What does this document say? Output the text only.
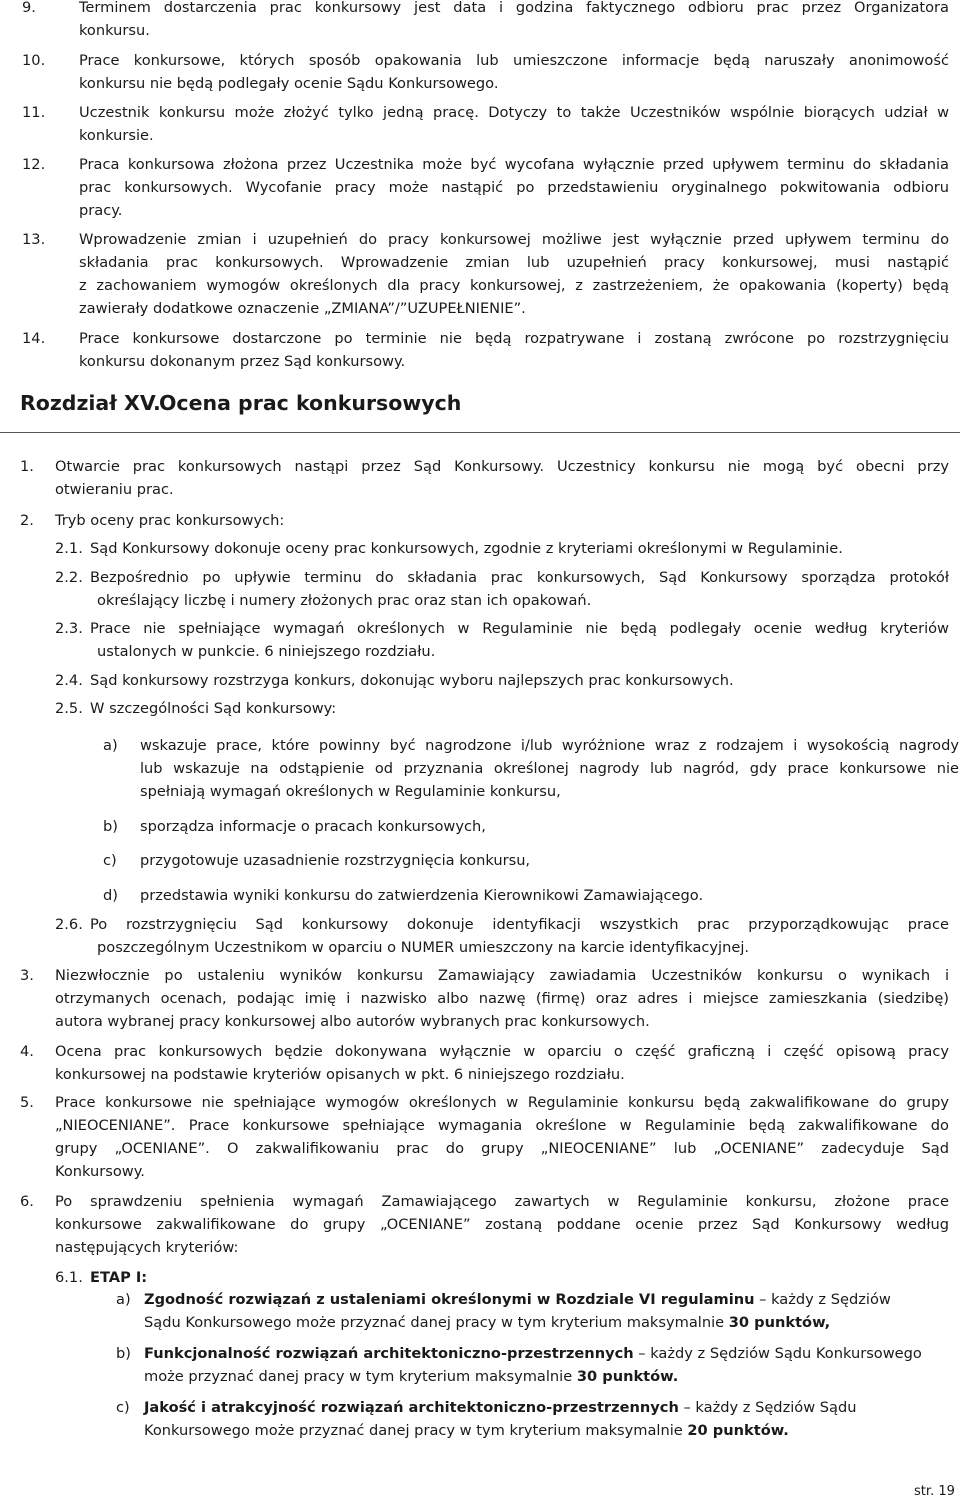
9.	Terminem dostarczenia prac konkursowy jest data i godzina faktycznego odbioru prac przez Organizatora
konkursu.
10. Prace konkursowe, których sposób opakowania lub umieszczone informacje będą naruszały anonimowość
konkursu nie będą podlegały ocenie Sądu Konkursowego.
11. Uczestnik konkursu może złożyć tylko jedną pracę. Dotyczy to także Uczestników wspólnie biorących udział w
konkursie.
12. Praca konkursowa złożona przez Uczestnika może być wycofana wyłącznie przed upływem terminu do składania
prac konkursowych. Wycofanie pracy może nastąpić po przedstawieniu oryginalnego pokwitowania odbioru
pracy.
13. Wprowadzenie zmian i uzupełnień do pracy konkursowej możliwe jest wyłącznie przed upływem terminu do
składania prac konkursowych. Wprowadzenie zmian lub uzupełnień pracy konkursowej, musi nastąpić
z zachowaniem wymogów określonych dla pracy konkursowej, z zastrzeżeniem, że opakowania (koperty) będą
zawierały dodatkowe oznaczenie „ZMIANA”/”UZUPEŁNIENIE”.
14. Prace konkursowe dostarczone po terminie nie będą rozpatrywane i zostaną zwrócone po rozstrzygnięciu
konkursu dokonanym przez Sąd konkursowy.
Rozdział XV.
Ocena prac konkursowych
1. Otwarcie prac konkursowych nastąpi przez Sąd Konkursowy. Uczestnicy konkursu nie mogą być obecni przy
otwieraniu prac.
2. Tryb oceny prac konkursowych:
2.1. Sąd Konkursowy dokonuje oceny prac konkursowych, zgodnie z kryteriami określonymi w Regulaminie.
2.2. Bezpośrednio po upływie terminu do składania prac konkursowych, Sąd Konkursowy sporządza protokół
określający liczbę i numery złożonych prac oraz stan ich opakowań.
2.3. Prace nie spełniające wymagań określonych w Regulaminie nie będą podlegały ocenie według kryteriów
ustalonych w punkcie. 6 niniejszego rozdziału.
2.4. Sąd konkursowy rozstrzyga konkurs, dokonując wyboru najlepszych prac konkursowych.
2.5. W szczególności Sąd konkursowy:
a) wskazuje prace, które powinny być nagrodzone i/lub wyróżnione wraz z rodzajem i wysokością nagrody
lub wskazuje na odstąpienie od przyznania określonej nagrody lub nagród, gdy prace konkursowe nie
spełniają wymagań określonych w Regulaminie konkursu,
b) sporządza informacje o pracach konkursowych,
c) przygotowuje uzasadnienie rozstrzygnięcia konkursu,
d) przedstawia wyniki konkursu do zatwierdzenia Kierownikowi Zamawiającego.
2.6. Po rozstrzygnięciu Sąd konkursowy dokonuje identyfikacji wszystkich prac przyporządkowując prace
poszczególnym Uczestnikom w oparciu o NUMER umieszczony na karcie identyfikacyjnej.
3. Niezwłocznie po ustaleniu wyników konkursu Zamawiający zawiadamia Uczestników konkursu o wynikach i
otrzymanych ocenach, podając imię i nazwisko albo nazwę (firmę) oraz adres i miejsce zamieszkania (siedzibę)
autora wybranej pracy konkursowej albo autorów wybranych prac konkursowych.
4. Ocena prac konkursowych będzie dokonywana wyłącznie w oparciu o część graficzną i część opisową pracy
konkursowej na podstawie kryteriów opisanych w pkt. 6 niniejszego rozdziału.
5. Prace konkursowe nie spełniające wymogów określonych w Regulaminie konkursu będą zakwalifikowane do grupy
„NIEOCENIANE”. Prace konkursowe spełniające wymagania określone w Regulaminie będą zakwalifikowane do
grupy „OCENIANE”. O zakwalifikowaniu prac do grupy „NIEOCENIANE” lub „OCENIANE” zadecyduje Sąd
Konkursowy.
6. Po sprawdzeniu spełnienia wymagań Zamawiającego zawartych w Regulaminie konkursu, złożone prace
konkursowe zakwalifikowane do grupy „OCENIANE” zostaną poddane ocenie przez Sąd Konkursowy według
następujących kryteriów:
6.1. ETAP I:
a) Zgodność rozwiązań z ustaleniami określonymi w Rozdziale VI regulaminu – każdy z Sędziów
Sądu Konkursowego może przyznać danej pracy w tym kryterium maksymalnie 30 punktów,
b) Funkcjonalność rozwiązań architektoniczno-przestrzennych – każdy z Sędziów Sądu Konkursowego
może przyznać danej pracy w tym kryterium maksymalnie 30 punktów.
c) Jakość i atrakcyjność rozwiązań architektoniczno-przestrzennych – każdy z Sędziów Sądu
Konkursowego może przyznać danej pracy w tym kryterium maksymalnie 20 punktów.
str. 19
